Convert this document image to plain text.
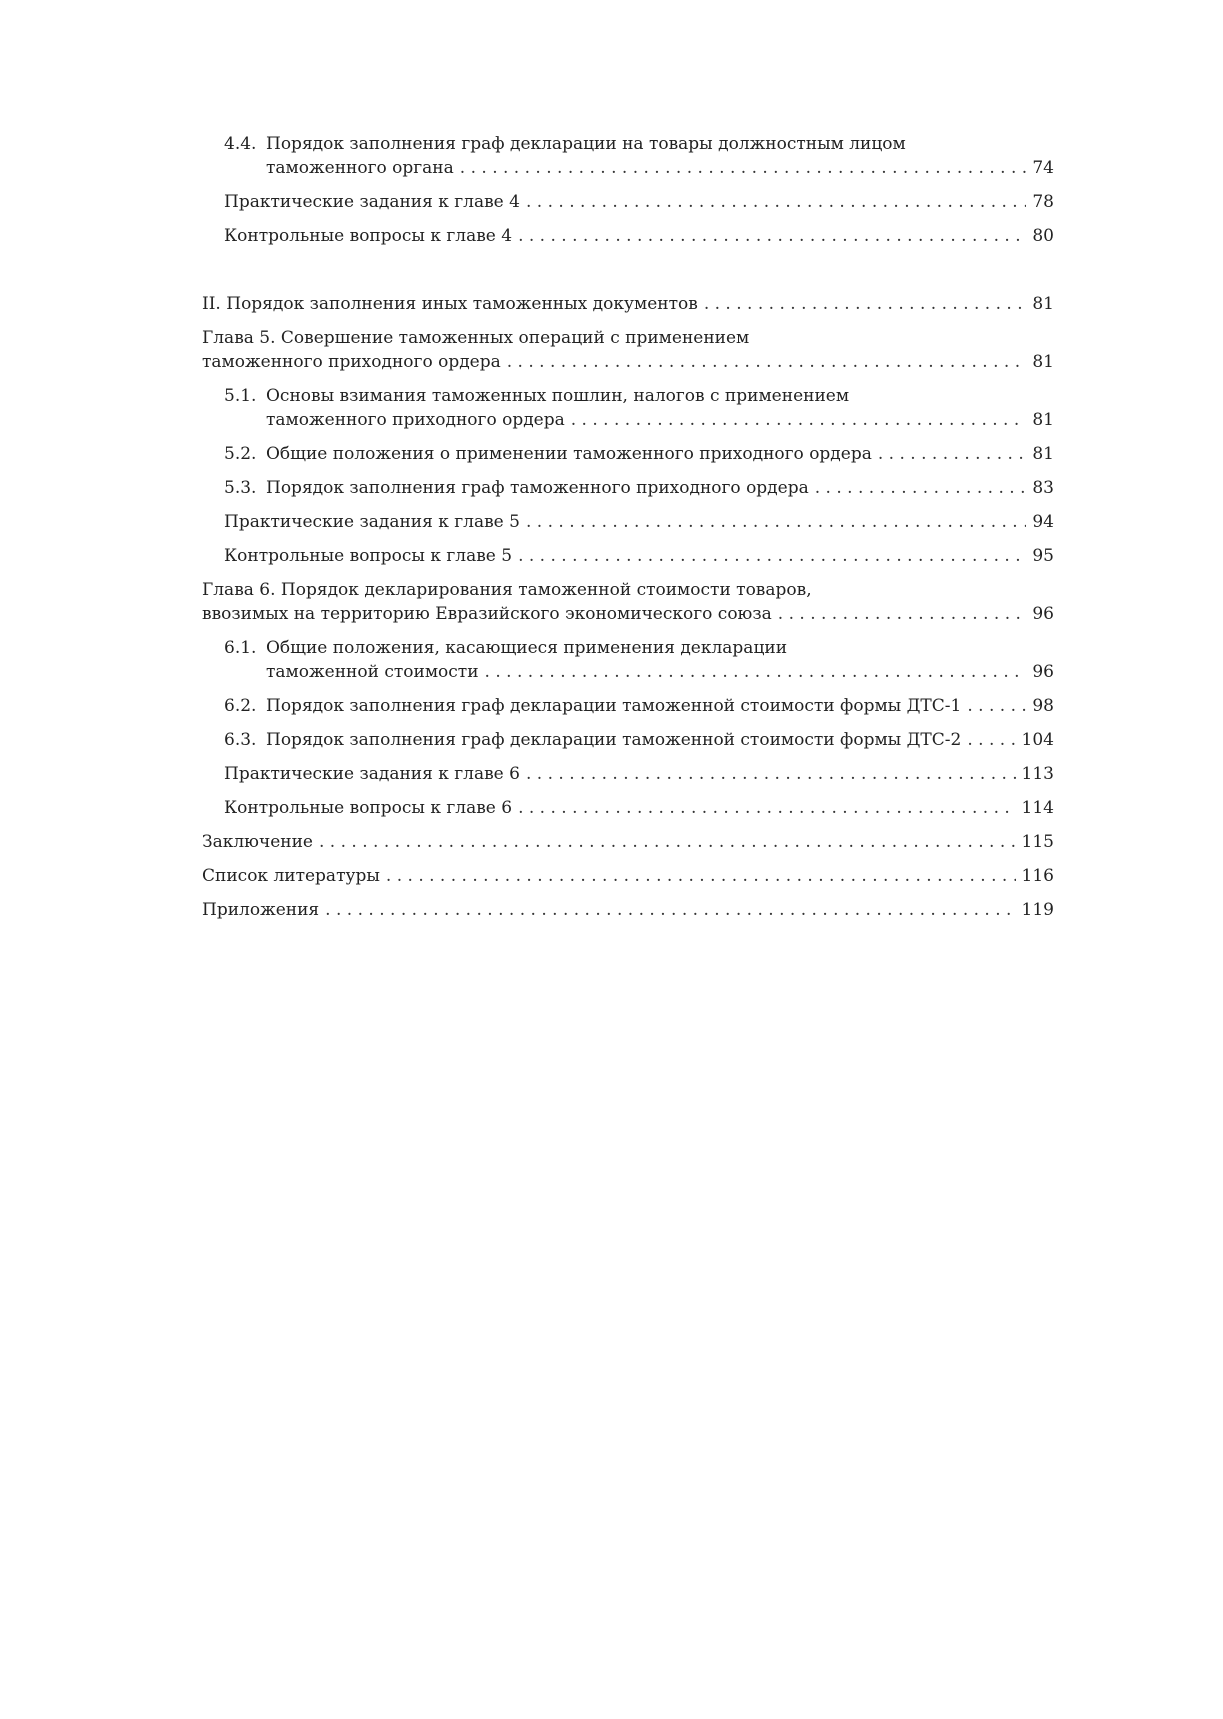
4.4. Порядок заполнения граф декларации на товары должностным лицом
таможенного органа . . .	74
Практические задания к главе 4 . . .	78
Контрольные вопросы к главе 4 . . .	80
II. Порядок заполнения иных таможенных документов . . .	81
Глава 5. Совершение таможенных операций с применением
таможенного приходного ордера . . .	81
5.1. Основы взимания таможенных пошлин, налогов с применением
таможенного приходного ордера . . .	81
5.2. Общие положения о применении таможенного приходного ордера . . .	81
5.3. Порядок заполнения граф таможенного приходного ордера . . .	83
Практические задания к главе 5 . . .	94
Контрольные вопросы к главе 5 . . .	95
Глава 6. Порядок декларирования таможенной стоимости товаров,
ввозимых на территорию Евразийского экономического союза . . .	96
6.1. Общие положения, касающиеся применения декларации
таможенной стоимости . . .	96
6.2. Порядок заполнения граф декларации таможенной стоимости формы ДТС-1 . . .	98
6.3. Порядок заполнения граф декларации таможенной стоимости формы ДТС-2 . . .	104
Практические задания к главе 6 . . .	113
Контрольные вопросы к главе 6 . . .	114
Заключение . . .	115
Список литературы . . .	116
Приложения . . .	119
